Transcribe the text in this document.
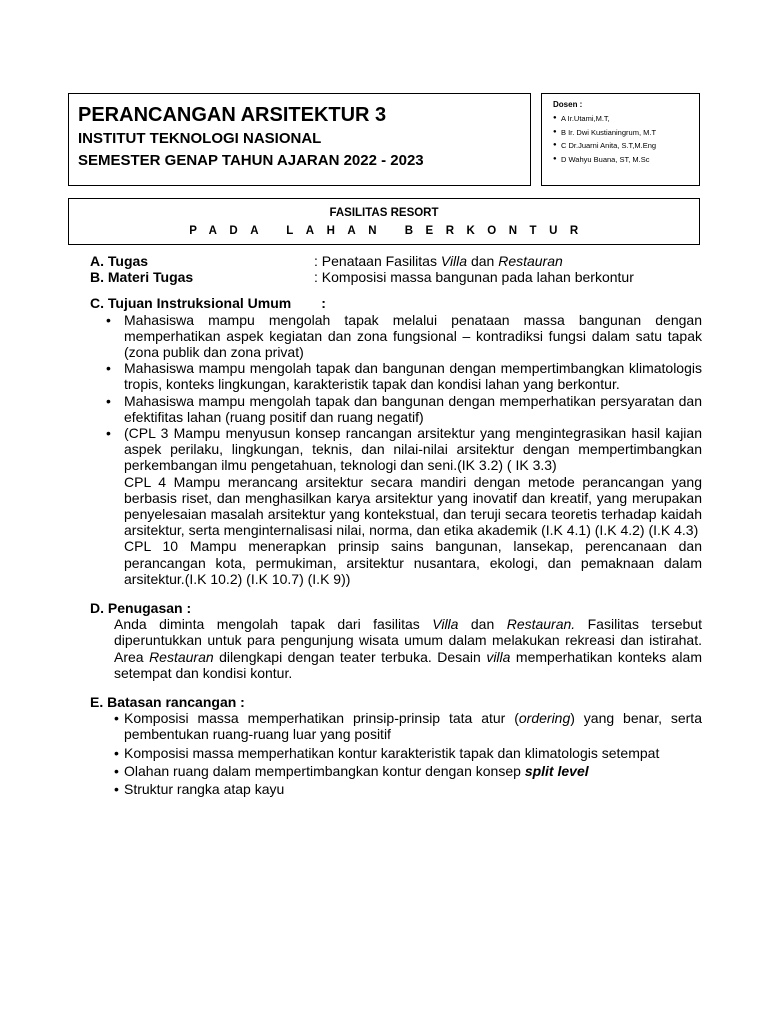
PERANCANGAN ARSITEKTUR 3
INSTITUT TEKNOLOGI NASIONAL
SEMESTER GENAP TAHUN AJARAN 2022 - 2023
Dosen :
● A Ir.Utami,M.T,
● B Ir. Dwi Kustianingrum, M.T
● C Dr.Juarni Anita, S.T,M.Eng
● D Wahyu Buana, ST, M.Sc
FASILITAS RESORT
PADA LAHAN BERKONTUR
A. Tugas	: Penataan Fasilitas Villa dan Restauran
B. Materi Tugas	: Komposisi massa bangunan pada lahan berkontur
C. Tujuan Instruksional Umum :
• Mahasiswa mampu mengolah tapak melalui penataan massa bangunan dengan memperhatikan aspek kegiatan dan zona fungsional – kontradiksi fungsi dalam satu tapak (zona publik dan zona privat)
• Mahasiswa mampu mengolah tapak dan bangunan dengan mempertimbangkan klimatologis tropis, konteks lingkungan, karakteristik tapak dan kondisi lahan yang berkontur.
• Mahasiswa mampu mengolah tapak dan bangunan dengan memperhatikan persyaratan dan efektifitas lahan (ruang positif dan ruang negatif)
• (CPL 3 Mampu menyusun konsep rancangan arsitektur yang mengintegrasikan hasil kajian aspek perilaku, lingkungan, teknis, dan nilai-nilai arsitektur dengan mempertimbangkan perkembangan ilmu pengetahuan, teknologi dan seni.(IK 3.2) ( IK 3.3)
CPL 4 Mampu merancang arsitektur secara mandiri dengan metode perancangan yang berbasis riset, dan menghasilkan karya arsitektur yang inovatif dan kreatif, yang merupakan penyelesaian masalah arsitektur yang kontekstual, dan teruji secara teoretis terhadap kaidah arsitektur, serta menginternalisasi nilai, norma, dan etika akademik (I.K 4.1) (I.K 4.2) (I.K 4.3)
CPL 10 Mampu menerapkan prinsip sains bangunan, lansekap, perencanaan dan perancangan kota, permukiman, arsitektur nusantara, ekologi, dan pemaknaan dalam arsitektur.(I.K 10.2) (I.K 10.7) (I.K 9))
D. Penugasan :
Anda diminta mengolah tapak dari fasilitas Villa dan Restauran. Fasilitas tersebut diperuntukkan untuk para pengunjung wisata umum dalam melakukan rekreasi dan istirahat. Area Restauran dilengkapi dengan teater terbuka. Desain villa memperhatikan konteks alam setempat dan kondisi kontur.
E. Batasan rancangan :
• Komposisi massa memperhatikan prinsip-prinsip tata atur (ordering) yang benar, serta pembentukan ruang-ruang luar yang positif
• Komposisi massa memperhatikan kontur karakteristik tapak dan klimatologis setempat
• Olahan ruang dalam mempertimbangkan kontur dengan konsep split level
• Struktur rangka atap kayu
